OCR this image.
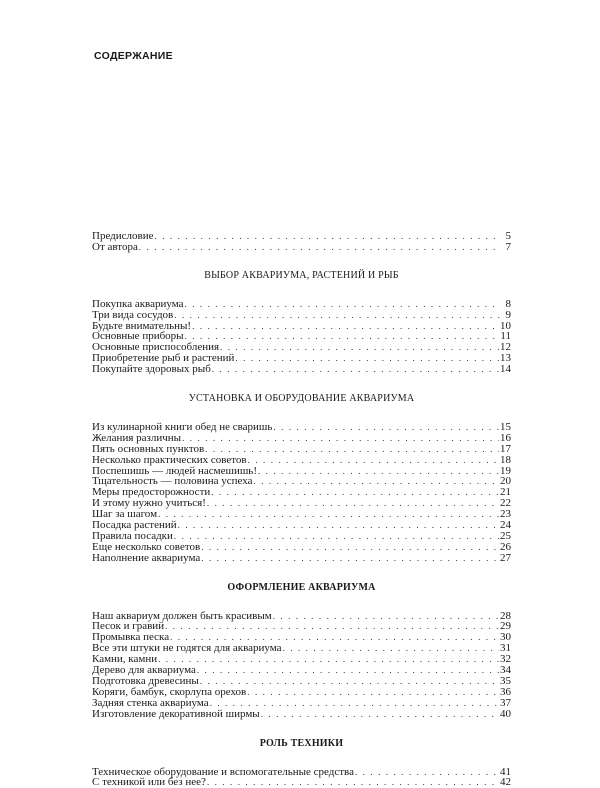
СОДЕРЖАНИЕ
Предисловие . . .	5
От автора . . .	7
ВЫБОР АКВАРИУМА, РАСТЕНИЙ И РЫБ
Покупка аквариума . . .	8
Три вида сосудов . . .	9
Будьте внимательны! . . .	10
Основные приборы . . .	11
Основные приспособления . . .	12
Приобретение рыб и растений . . .	13
Покупайте здоровых рыб . . .	14
УСТАНОВКА И ОБОРУДОВАНИЕ АКВАРИУМА
Из кулинарной книги обед не сваришь . . .	15
Желания различны . . .	16
Пять основных пунктов . . .	17
Несколько практических советов . . .	18
Поспешишь — людей насмешишь! . . .	19
Тщательность — половина успеха . . .	20
Меры предосторожности . . .	21
И этому нужно учиться! . . .	22
Шаг за шагом . . .	23
Посадка растений . . .	24
Правила посадки . . .	25
Еще несколько советов . . .	26
Наполнение аквариума . . .	27
ОФОРМЛЕНИЕ АКВАРИУМА
Наш аквариум должен быть красивым . . .	28
Песок и гравий . . .	29
Промывка песка . . .	30
Все эти штуки не годятся для аквариума . . .	31
Камни, камни . . .	32
Дерево для аквариума . . .	34
Подготовка древесины . . .	35
Коряги, бамбук, скорлупа орехов . . .	36
Задняя стенка аквариума . . .	37
Изготовление декоративной ширмы . . .	40
РОЛЬ ТЕХНИКИ
Техническое оборудование и вспомогательные средства . . .	41
С техникой или без нее? . . .	42
